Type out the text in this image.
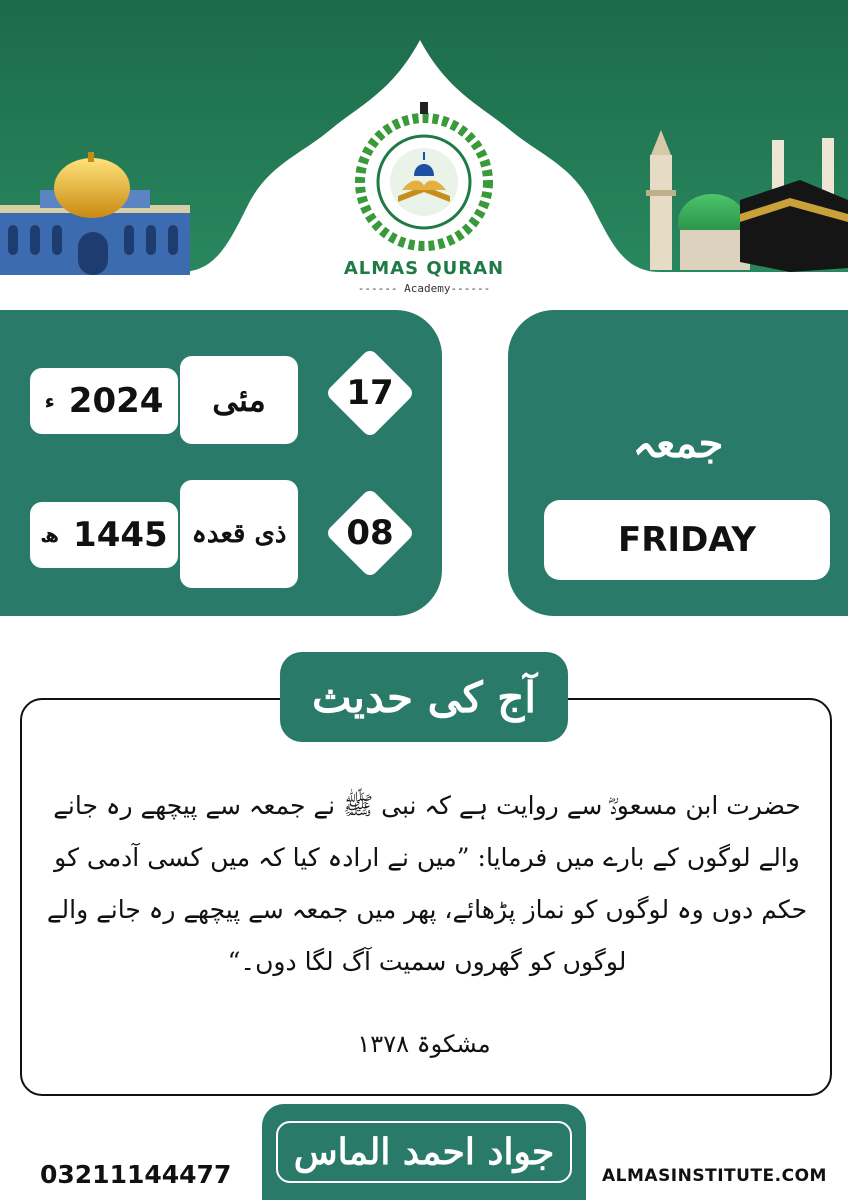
ALMAS QURAN
------ Academy------
ء 2024 مئی	17
ھ 1445 ذی قعدہ	08
جمعہ
FRIDAY
آج کی حدیث
حضرت ابن مسعودؓ سے روایت ہے کہ نبی ﷺ نے جمعہ سے پیچھے رہ جانے والے لوگوں کے بارے میں فرمایا: ”میں نے ارادہ کیا کہ میں کسی آدمی کو حکم دوں وہ لوگوں کو نماز پڑھائے، پھر میں جمعہ سے پیچھے رہ جانے والے لوگوں کو گھروں سمیت آگ لگا دوں۔“
مشکوۃ ۱۳۷۸
جواد احمد الماس
03211144477	ALMASINSTITUTE.COM
